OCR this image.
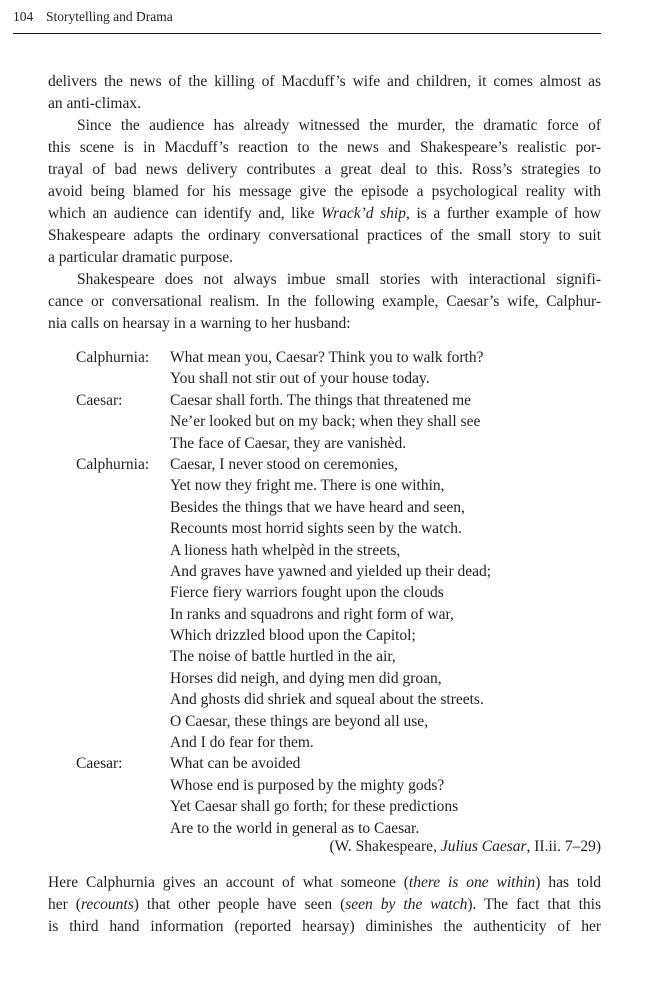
104 Storytelling and Drama

delivers the news of the killing of Macduff’s wife and children, it comes almost as
an anti-climax.

Since the audience has already witnessed the murder, the dramatic force of
this scene is in Macduff’s reaction to the news and Shakespeare’s realistic por-
trayal of bad news delivery contributes a great deal to this. Ross’s strategies to
avoid being blamed for his message give the episode a psychological reality with
which an audience can identify and, like Wrack’d ship, is a further example of how
Shakespeare adapts the ordinary conversational practices of the small story to suit
a particular dramatic purpose.

Shakespeare does not always imbue small stories with interactional signifi-
cance or conversational realism. In the following example, Caesar’s wife, Calphur-
nia calls on hearsay in a warning to her husband:

Calphurnia: What mean you, Caesar? Think you to walk forth?
You shall not stir out of your house today.
Caesar:	Caesar shall forth. The things that threatened me
Ne’er looked but on my back; when they shall see
The face of Caesar, they are vanishèd.
Calphurnia: Caesar, I never stood on ceremonies,
Yet now they fright me. There is one within,
Besides the things that we have heard and seen,
Recounts most horrid sights seen by the watch.
A lioness hath whelpèd in the streets,
And graves have yawned and yielded up their dead;
Fierce fiery warriors fought upon the clouds
In ranks and squadrons and right form of war,
Which drizzled blood upon the Capitol;
The noise of battle hurtled in the air,
Horses did neigh, and dying men did groan,
And ghosts did shriek and squeal about the streets.
O Caesar, these things are beyond all use,
And I do fear for them.
Caesar:	What can be avoided
Whose end is purposed by the mighty gods?
Yet Caesar shall go forth; for these predictions
Are to the world in general as to Caesar.
(W. Shakespeare, Julius Caesar, II.ii. 7–29)

Here Calphurnia gives an account of what someone (there is one within) has told
her (recounts) that other people have seen (seen by the watch). The fact that this
is third hand information (reported hearsay) diminishes the authenticity of her
